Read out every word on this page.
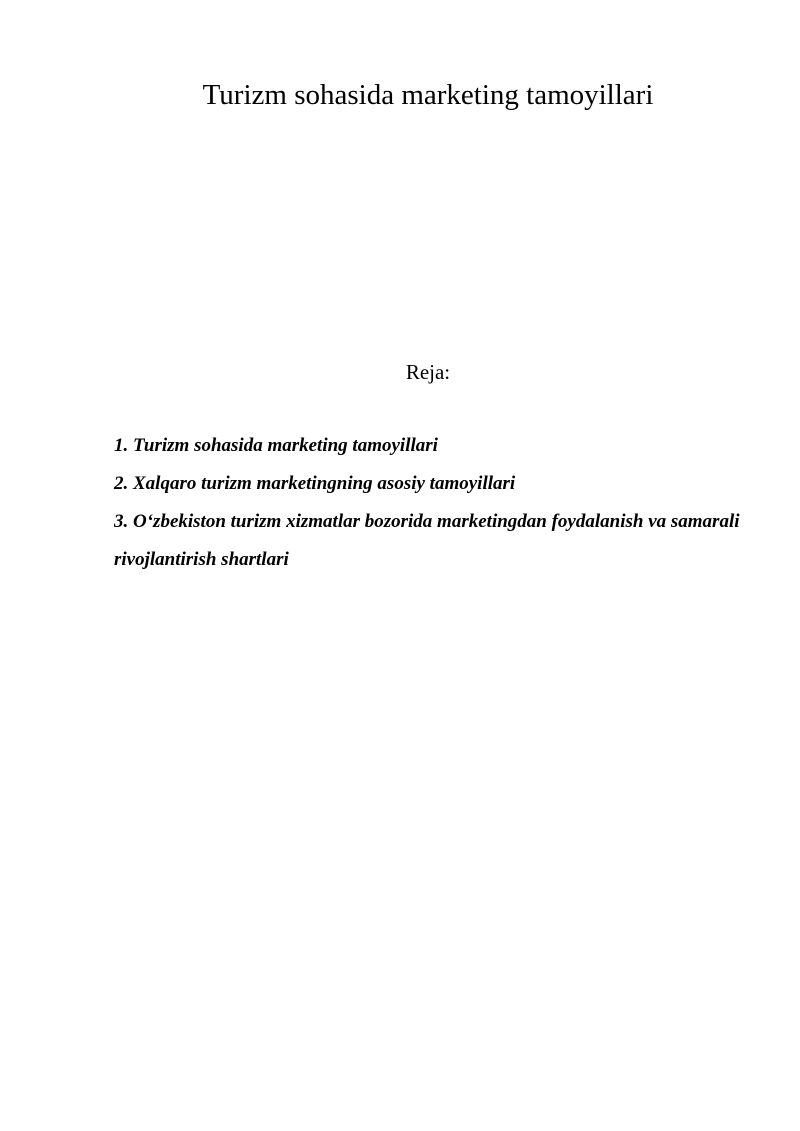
Turizm sohasida marketing tamoyillari
Reja:
1. Turizm sohasida marketing tamoyillari
2. Xalqaro turizm marketingning asosiy tamoyillari
3. O‘zbekiston turizm xizmatlar bozorida marketingdan foydalanish va samarali rivojlantirish shartlari
